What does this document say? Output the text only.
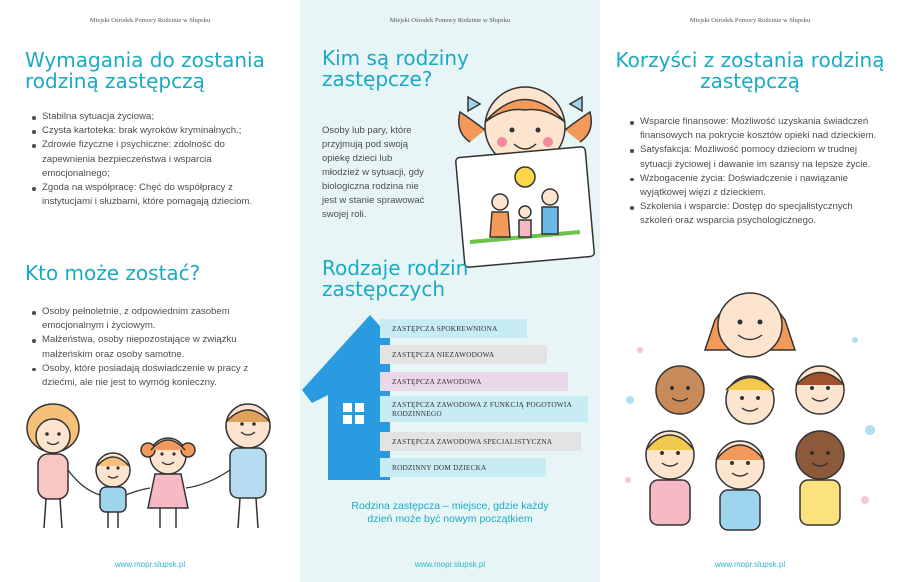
Miejski Ośrodek Pomocy Rodzinie w Słupsku
Wymagania do zostania rodziną zastępczą
Stabilna sytuacja życiowa;
Czysta kartoteka: brak wyroków kryminalnych.;
Zdrowie fizyczne i psychiczne: zdolność do zapewnienia bezpieczeństwa i wsparcia emocjonalnego;
Zgoda na współpracę: Chęć do współpracy z instytucjami i służbami, które pomagają dzieciom.
Kto może zostać?
Osoby pełnoletnie, z odpowiednim zasobem emocjonalnym i życiowym.
Małżeństwa, osoby niepozostające w związku małżeńskim oraz osoby samotne.
Osoby, które posiadają doświadczenie w pracy z dziećmi, ale nie jest to wymóg konieczny.
www.mopr.slupsk.pl
Miejski Ośrodek Pomocy Rodzinie w Słupsku
Kim są rodziny zastępcze?
Osoby lub pary, które przyjmują pod swoją opiekę dzieci lub młodzież w sytuacji, gdy biologiczna rodzina nie jest w stanie sprawować swojej roli.
Rodzaje rodzin zastępczych
ZASTĘPCZA SPOKREWNIONA
ZASTĘPCZA NIEZAWODOWA
ZASTĘPCZA ZAWODOWA
ZASTĘPCZA ZAWODOWA Z FUNKCJĄ POGOTOWIA RODZINNEGO
ZASTĘPCZA ZAWODOWA SPECJALISTYCZNA
RODZINNY DOM DZIECKA
Rodzina zastępcza – miejsce, gdzie każdy dzień może być nowym początkiem
www.mopr.slupsk.pl
Miejski Ośrodek Pomocy Rodzinie w Słupsku
Korzyści z zostania rodziną zastępczą
Wsparcie finansowe: Możliwość uzyskania świadczeń finansowych na pokrycie kosztów opieki nad dzieckiem.
Satysfakcja: Możliwość pomocy dzieciom w trudnej sytuacji życiowej i dawanie im szansy na lepsze życie.
Wzbogacenie życia: Doświadczenie i nawiązanie wyjątkowej więzi z dzieckiem.
Szkolenia i wsparcie: Dostęp do specjalistycznych szkoleń oraz wsparcia psychologicznego.
www.mopr.slupsk.pl
